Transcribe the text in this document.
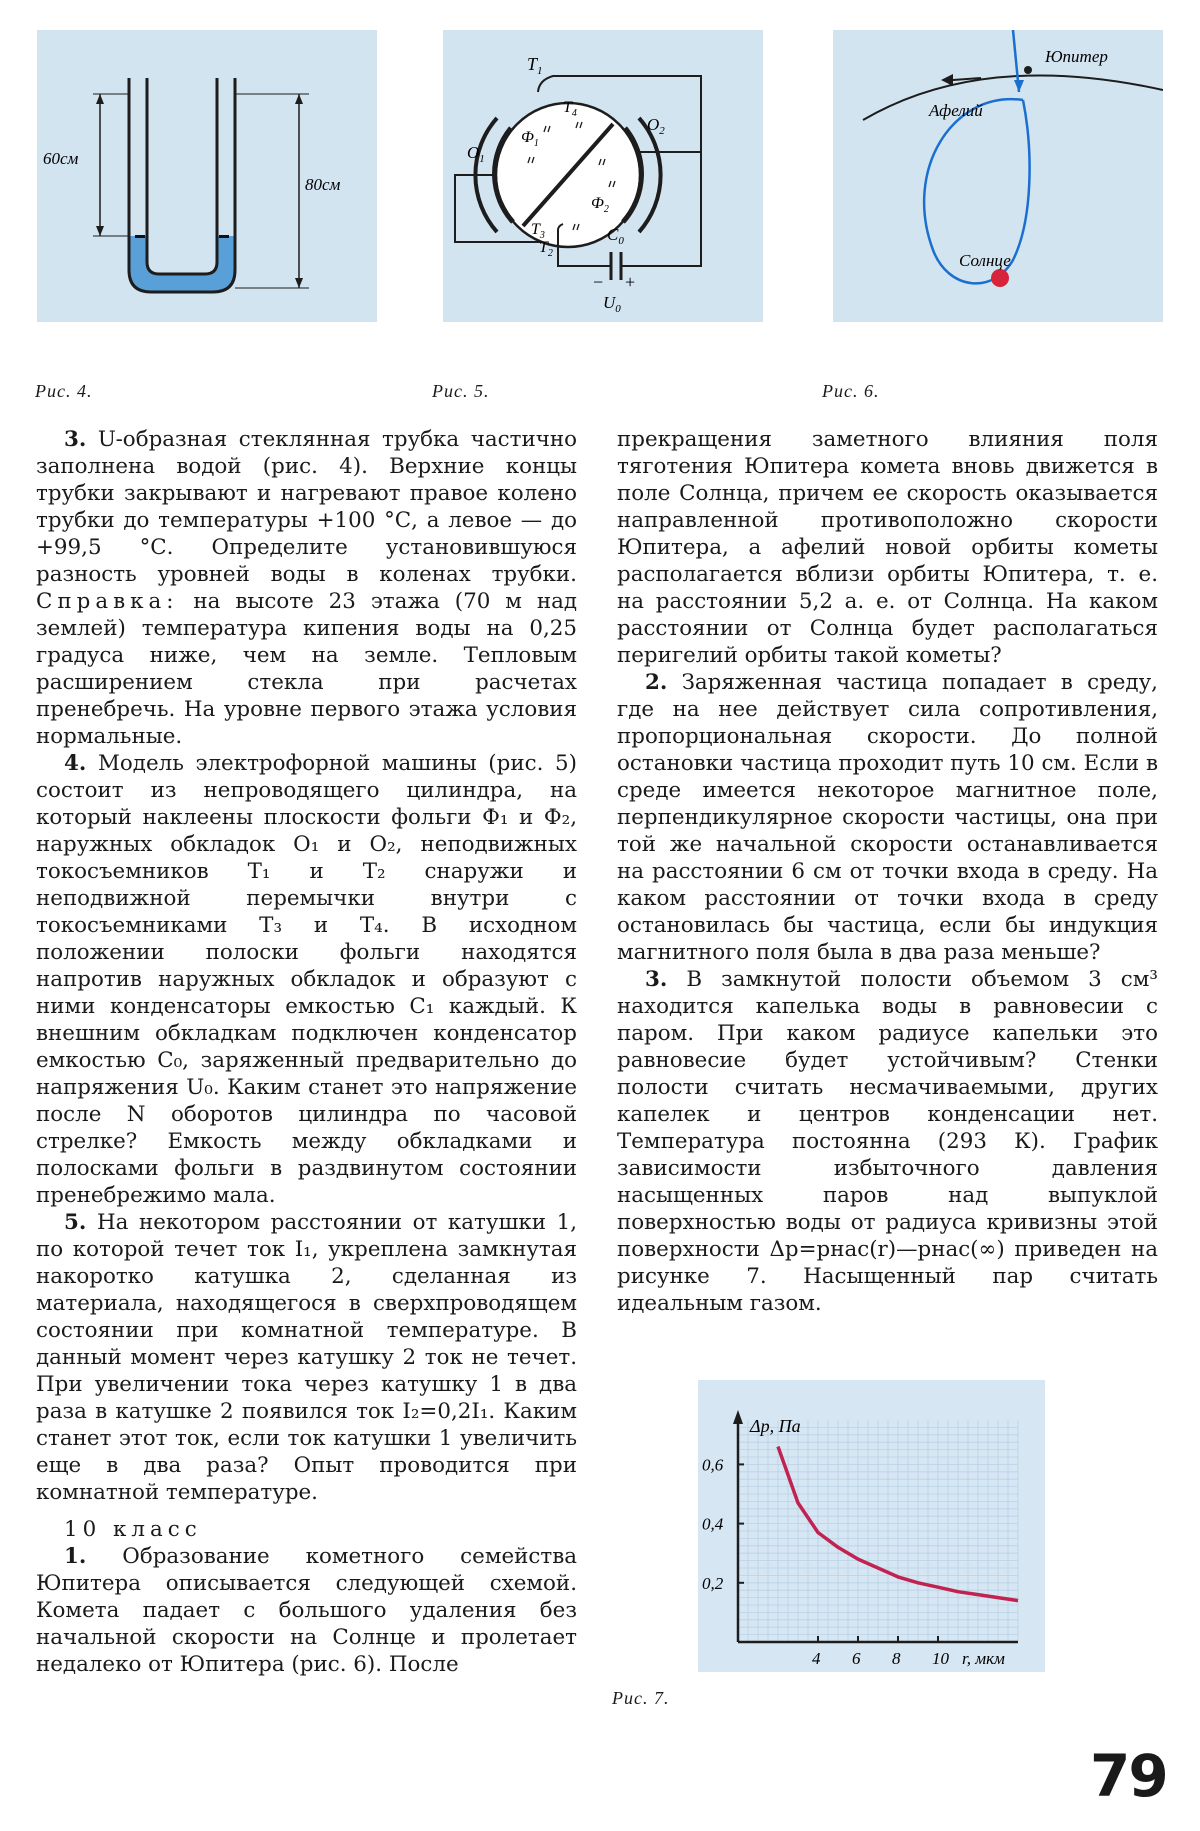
60см
80см
$T_1$
$T_4$
$Ф_1$
$Ф_2$
$T_3$
$O_1$
$O_2$
$T_2$
$C_0$
$U_0$
− +
Юпитер
Афелий
Солнце
Рис. 4.	Рис. 5.	Рис. 6.

3. U-образная стеклянная трубка частично заполнена водой (рис. 4). Верхние концы трубки закрывают и нагревают правое колено трубки до температуры +100 °С, а левое — до +99,5 °С. Определите установившуюся разность уровней воды в коленах трубки. Справка: на высоте 23 этажа (70 м над землей) температура кипения воды на 0,25 градуса ниже, чем на земле. Тепловым расширением стекла при расчетах пренебречь. На уровне первого этажа условия нормальные.

4. Модель электрофорной машины (рис. 5) состоит из непроводящего цилиндра, на который наклеены плоскости фольги Ф₁ и Ф₂, наружных обкладок O₁ и O₂, неподвижных токосъемников T₁ и T₂ снаружи и неподвижной перемычки внутри с токосъемниками T₃ и T₄. В исходном положении полоски фольги находятся напротив наружных обкладок и образуют с ними конденсаторы емкостью C₁ каждый. К внешним обкладкам подключен конденсатор емкостью C₀, заряженный предварительно до напряжения U₀. Каким станет это напряжение после N оборотов цилиндра по часовой стрелке? Емкость между обкладками и полосками фольги в раздвинутом состоянии пренебрежимо мала.

5. На некотором расстоянии от катушки 1, по которой течет ток I₁, укреплена замкнутая накоротко катушка 2, сделанная из материала, находящегося в сверхпроводящем состоянии при комнатной температуре. В данный момент через катушку 2 ток не течет. При увеличении тока через катушку 1 в два раза в катушке 2 появился ток I₂=0,2I₁. Каким станет этот ток, если ток катушки 1 увеличить еще в два раза? Опыт проводится при комнатной температуре.

10 класс

1. Образование кометного семейства Юпитера описывается следующей схемой. Комета падает с большого удаления без начальной скорости на Солнце и пролетает недалеко от Юпитера (рис. 6). После

прекращения заметного влияния поля тяготения Юпитера комета вновь движется в поле Солнца, причем ее скорость оказывается направленной противоположно скорости Юпитера, а афелий новой орбиты кометы располагается вблизи орбиты Юпитера, т. е. на расстоянии 5,2 а. е. от Солнца. На каком расстоянии от Солнца будет располагаться перигелий орбиты такой кометы?

2. Заряженная частица попадает в среду, где на нее действует сила сопротивления, пропорциональная скорости. До полной остановки частица проходит путь 10 см. Если в среде имеется некоторое магнитное поле, перпендикулярное скорости частицы, она при той же начальной скорости останавливается на расстоянии 6 см от точки входа в среду. На каком расстоянии от точки входа в среду остановилась бы частица, если бы индукция магнитного поля была в два раза меньше?

3. В замкнутой полости объемом 3 см³ находится капелька воды в равновесии с паром. При каком радиусе капельки это равновесие будет устойчивым? Стенки полости считать несмачиваемыми, других капелек и центров конденсации нет. Температура постоянна (293 К). График зависимости избыточного давления насыщенных паров над выпуклой поверхностью воды от радиуса кривизны этой поверхности Δp=pнас(r)—pнас(∞) приведен на рисунке 7. Насыщенный пар считать идеальным газом.

Δp, Па
r, мкм
4 6 8 10
0,2
0,4
0,6
Рис. 7.
79
